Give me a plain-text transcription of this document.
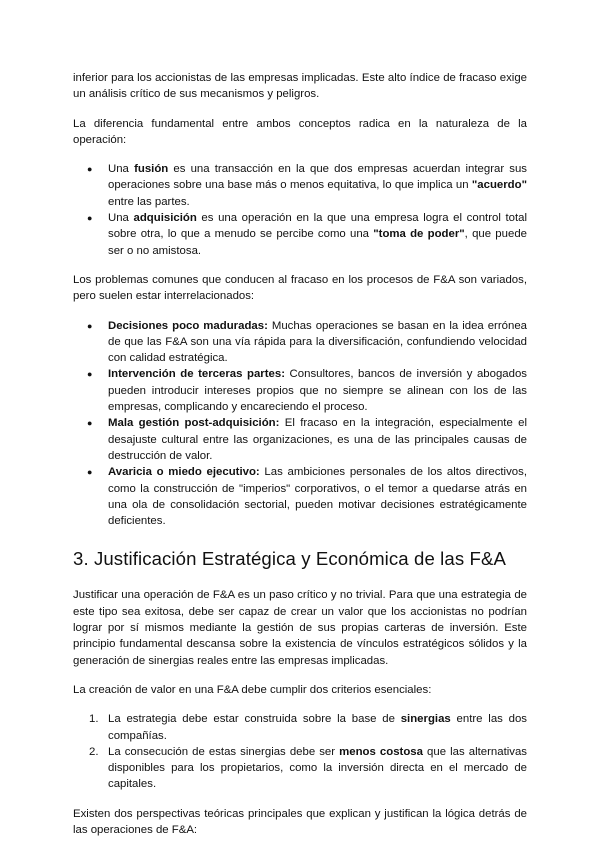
inferior para los accionistas de las empresas implicadas. Este alto índice de fracaso exige un análisis crítico de sus mecanismos y peligros.

La diferencia fundamental entre ambos conceptos radica en la naturaleza de la operación:

● Una fusión es una transacción en la que dos empresas acuerdan integrar sus operaciones sobre una base más o menos equitativa, lo que implica un "acuerdo" entre las partes.
● Una adquisición es una operación en la que una empresa logra el control total sobre otra, lo que a menudo se percibe como una "toma de poder", que puede ser o no amistosa.

Los problemas comunes que conducen al fracaso en los procesos de F&A son variados, pero suelen estar interrelacionados:

● Decisiones poco maduradas: Muchas operaciones se basan en la idea errónea de que las F&A son una vía rápida para la diversificación, confundiendo velocidad con calidad estratégica.
● Intervención de terceras partes: Consultores, bancos de inversión y abogados pueden introducir intereses propios que no siempre se alinean con los de las empresas, complicando y encareciendo el proceso.
● Mala gestión post-adquisición: El fracaso en la integración, especialmente el desajuste cultural entre las organizaciones, es una de las principales causas de destrucción de valor.
● Avaricia o miedo ejecutivo: Las ambiciones personales de los altos directivos, como la construcción de "imperios" corporativos, o el temor a quedarse atrás en una ola de consolidación sectorial, pueden motivar decisiones estratégicamente deficientes.
3. Justificación Estratégica y Económica de las F&A

Justificar una operación de F&A es un paso crítico y no trivial. Para que una estrategia de este tipo sea exitosa, debe ser capaz de crear un valor que los accionistas no podrían lograr por sí mismos mediante la gestión de sus propias carteras de inversión. Este principio fundamental descansa sobre la existencia de vínculos estratégicos sólidos y la generación de sinergias reales entre las empresas implicadas.

La creación de valor en una F&A debe cumplir dos criterios esenciales:

1. La estrategia debe estar construida sobre la base de sinergias entre las dos compañías.
2. La consecución de estas sinergias debe ser menos costosa que las alternativas disponibles para los propietarios, como la inversión directa en el mercado de capitales.

Existen dos perspectivas teóricas principales que explican y justifican la lógica detrás de las operaciones de F&A:
